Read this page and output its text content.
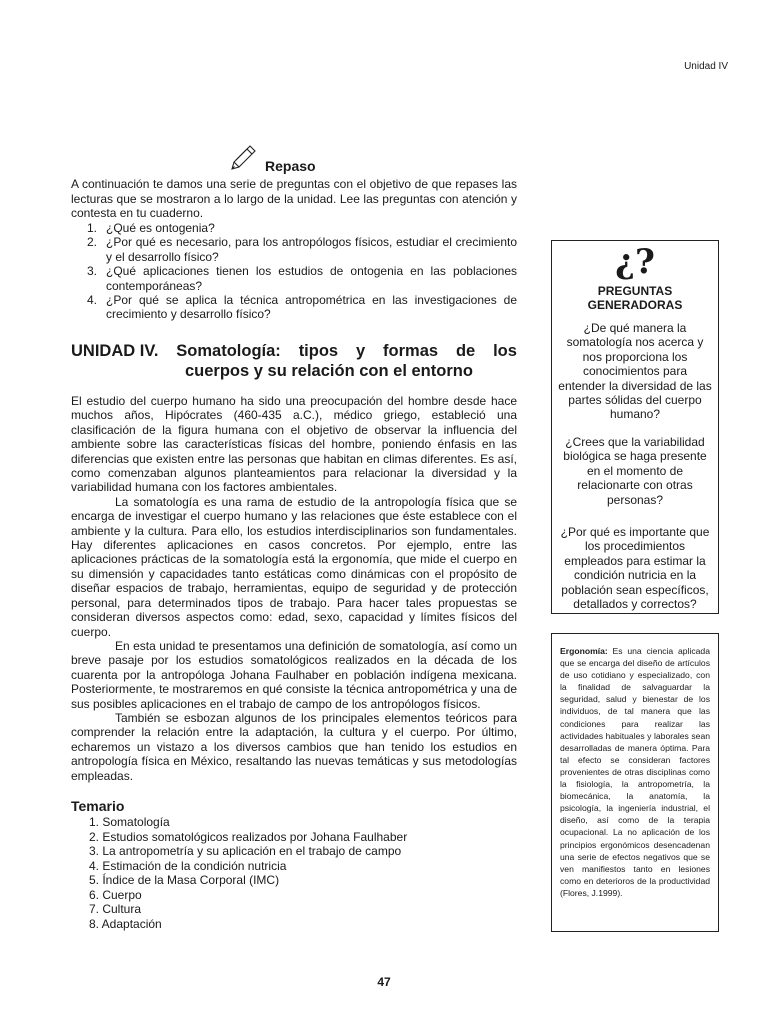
Unidad IV
Repaso
A continuación te damos una serie de preguntas con el objetivo de que repases las lecturas que se mostraron a lo largo de la unidad. Lee las preguntas con atención y contesta en tu cuaderno.
1. ¿Qué es ontogenia?
2. ¿Por qué es necesario, para los antropólogos físicos, estudiar el crecimiento y el desarrollo físico?
3. ¿Qué aplicaciones tienen los estudios de ontogenia en las poblaciones contemporáneas?
4. ¿Por qué se aplica la técnica antropométrica en las investigaciones de crecimiento y desarrollo físico?
UNIDAD IV. Somatología: tipos y formas de los
cuerpos y su relación con el entorno

El estudio del cuerpo humano ha sido una preocupación del hombre desde hace muchos años, Hipócrates (460-435 a.C.), médico griego, estableció una clasificación de la figura humana con el objetivo de observar la influencia del ambiente sobre las características físicas del hombre, poniendo énfasis en las diferencias que existen entre las personas que habitan en climas diferentes. Es así, como comenzaban algunos planteamientos para relacionar la diversidad y la variabilidad humana con los factores ambientales.

La somatología es una rama de estudio de la antropología física que se encarga de investigar el cuerpo humano y las relaciones que éste establece con el ambiente y la cultura. Para ello, los estudios interdisciplinarios son fundamentales. Hay diferentes aplicaciones en casos concretos. Por ejemplo, entre las aplicaciones prácticas de la somatología está la ergonomía, que mide el cuerpo en su dimensión y capacidades tanto estáticas como dinámicas con el propósito de diseñar espacios de trabajo, herramientas, equipo de seguridad y de protección personal, para determinados tipos de trabajo. Para hacer tales propuestas se consideran diversos aspectos como: edad, sexo, capacidad y límites físicos del cuerpo.

En esta unidad te presentamos una definición de somatología, así como un breve pasaje por los estudios somatológicos realizados en la década de los cuarenta por la antropóloga Johana Faulhaber en población indígena mexicana. Posteriormente, te mostraremos en qué consiste la técnica antropométrica y una de sus posibles aplicaciones en el trabajo de campo de los antropólogos físicos.

También se esbozan algunos de los principales elementos teóricos para comprender la relación entre la adaptación, la cultura y el cuerpo. Por último, echaremos un vistazo a los diversos cambios que han tenido los estudios en antropología física en México, resaltando las nuevas temáticas y sus metodologías empleadas.

Temario
1. Somatología
2. Estudios somatológicos realizados por Johana Faulhaber
3. La antropometría y su aplicación en el trabajo de campo
4. Estimación de la condición nutricia
5. Índice de la Masa Corporal (IMC)
6. Cuerpo
7. Cultura
8. Adaptación
¿?
PREGUNTAS
GENERADORAS
¿De qué manera la somatología nos acerca y nos proporciona los conocimientos para entender la diversidad de las partes sólidas del cuerpo humano?
¿Crees que la variabilidad biológica se haga presente en el momento de relacionarte con otras personas?
¿Por qué es importante que los procedimientos empleados para estimar la condición nutricia en la población sean específicos, detallados y correctos?

Ergonomía: Es una ciencia aplicada que se encarga del diseño de artículos de uso cotidiano y especializado, con la finalidad de salvaguardar la seguridad, salud y bienestar de los individuos, de tal manera que las condiciones para realizar las actividades habituales y laborales sean desarrolladas de manera óptima. Para tal efecto se consideran factores provenientes de otras disciplinas como la fisiología, la antropometría, la biomecánica, la anatomía, la psicología, la ingeniería industrial, el diseño, así como de la terapia ocupacional. La no aplicación de los principios ergonómicos desencadenan una serie de efectos negativos que se ven manifiestos tanto en lesiones como en deterioros de la productividad (Flores, J.1999).

47
